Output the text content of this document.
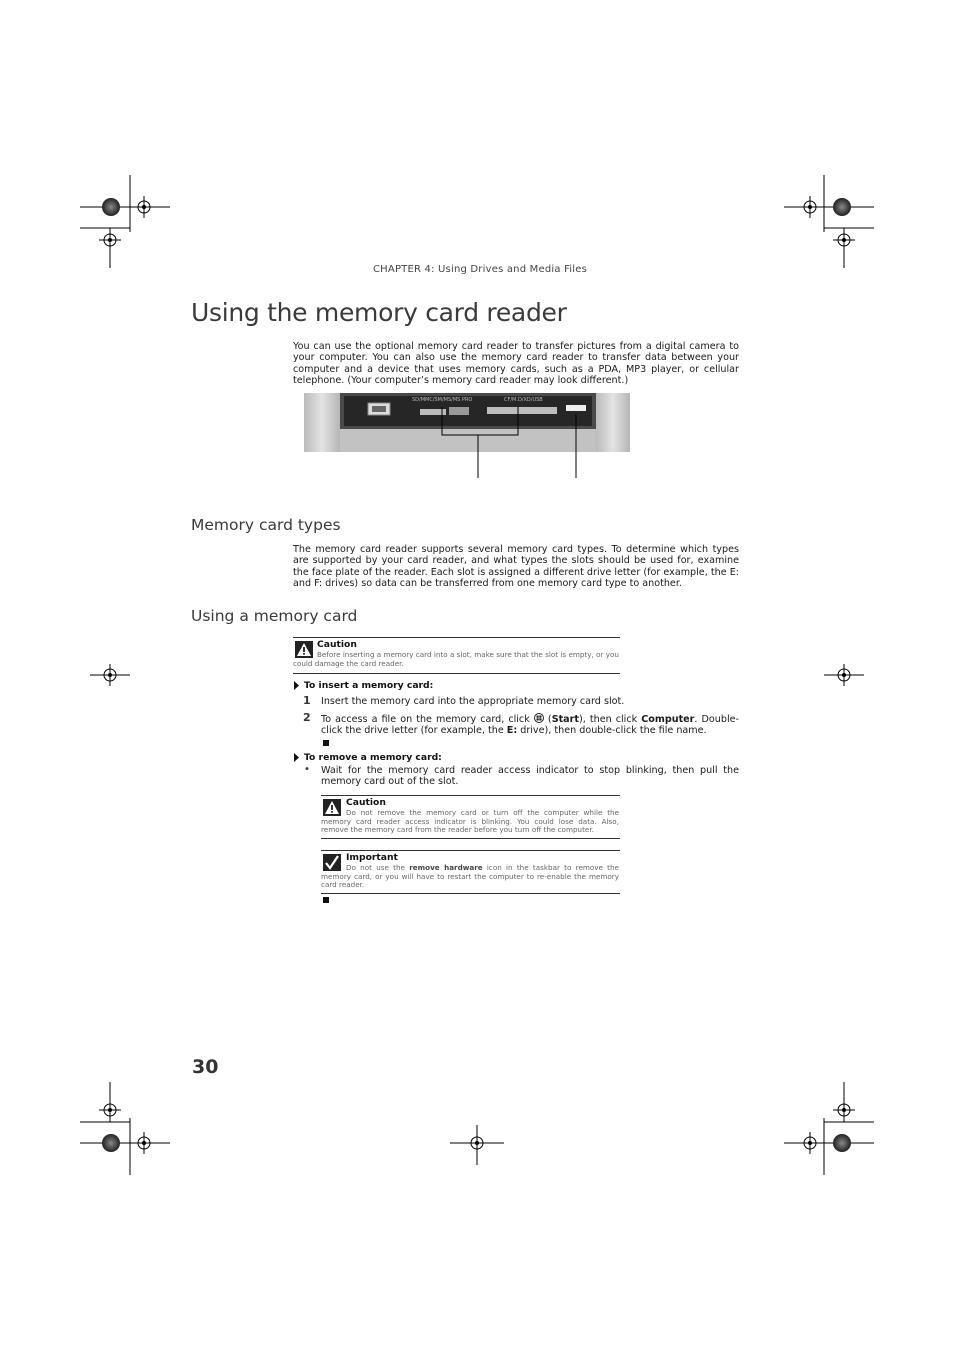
CHAPTER 4: Using Drives and Media Files
Using the memory card reader
You can use the optional memory card reader to transfer pictures from a digital camera to your computer. You can also use the memory card reader to transfer data between your computer and a device that uses memory cards, such as a PDA, MP3 player, or cellular telephone. (Your computer’s memory card reader may look different.)
SD/MMC/SM/MS/MS PRO	CF/M.D/XD/USB
Memory card types
The memory card reader supports several memory card types. To determine which types are supported by your card reader, and what types the slots should be used for, examine the face plate of the reader. Each slot is assigned a different drive letter (for example, the E: and F: drives) so data can be transferred from one memory card type to another.
Using a memory card
Caution
Before inserting a memory card into a slot, make sure that the slot is empty, or you could damage the card reader.
To insert a memory card:
1 Insert the memory card into the appropriate memory card slot.
2 To access a file on the memory card, click  (Start), then click Computer. Double-click the drive letter (for example, the E: drive), then double-click the file name.
To remove a memory card:
• Wait for the memory card reader access indicator to stop blinking, then pull the memory card out of the slot.
Caution
Do not remove the memory card or turn off the computer while the memory card reader access indicator is blinking. You could lose data. Also, remove the memory card from the reader before you turn off the computer.
Important
Do not use the remove hardware icon in the taskbar to remove the memory card, or you will have to restart the computer to re-enable the memory card reader.
30
